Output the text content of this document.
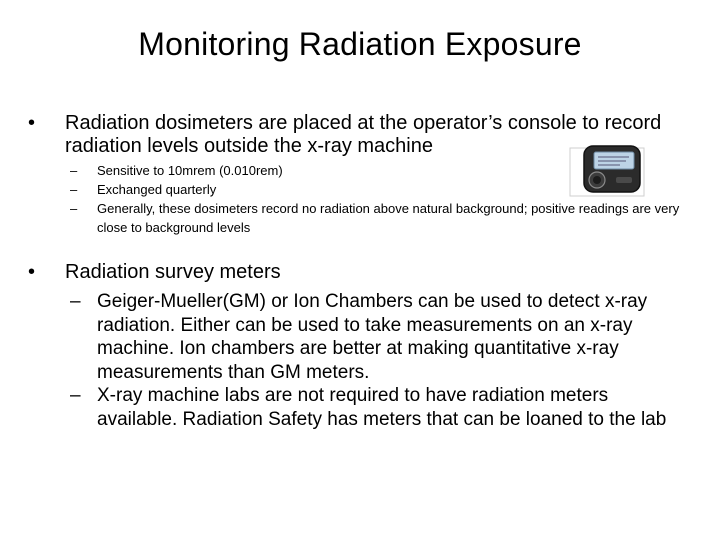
Monitoring Radiation Exposure
• Radiation dosimeters are placed at the operator’s console to record radiation levels outside the x-ray machine
– Sensitive to 10mrem (0.010rem)
– Exchanged quarterly
– Generally, these dosimeters record no radiation above natural background; positive readings are very close to background levels
• Radiation survey meters
– Geiger-Mueller(GM) or Ion Chambers can be used to detect x-ray radiation. Either can be used to take measurements on an x-ray machine. Ion chambers are better at making quantitative x-ray measurements than GM meters.
– X-ray machine labs are not required to have radiation meters available. Radiation Safety has meters that can be loaned to the lab
